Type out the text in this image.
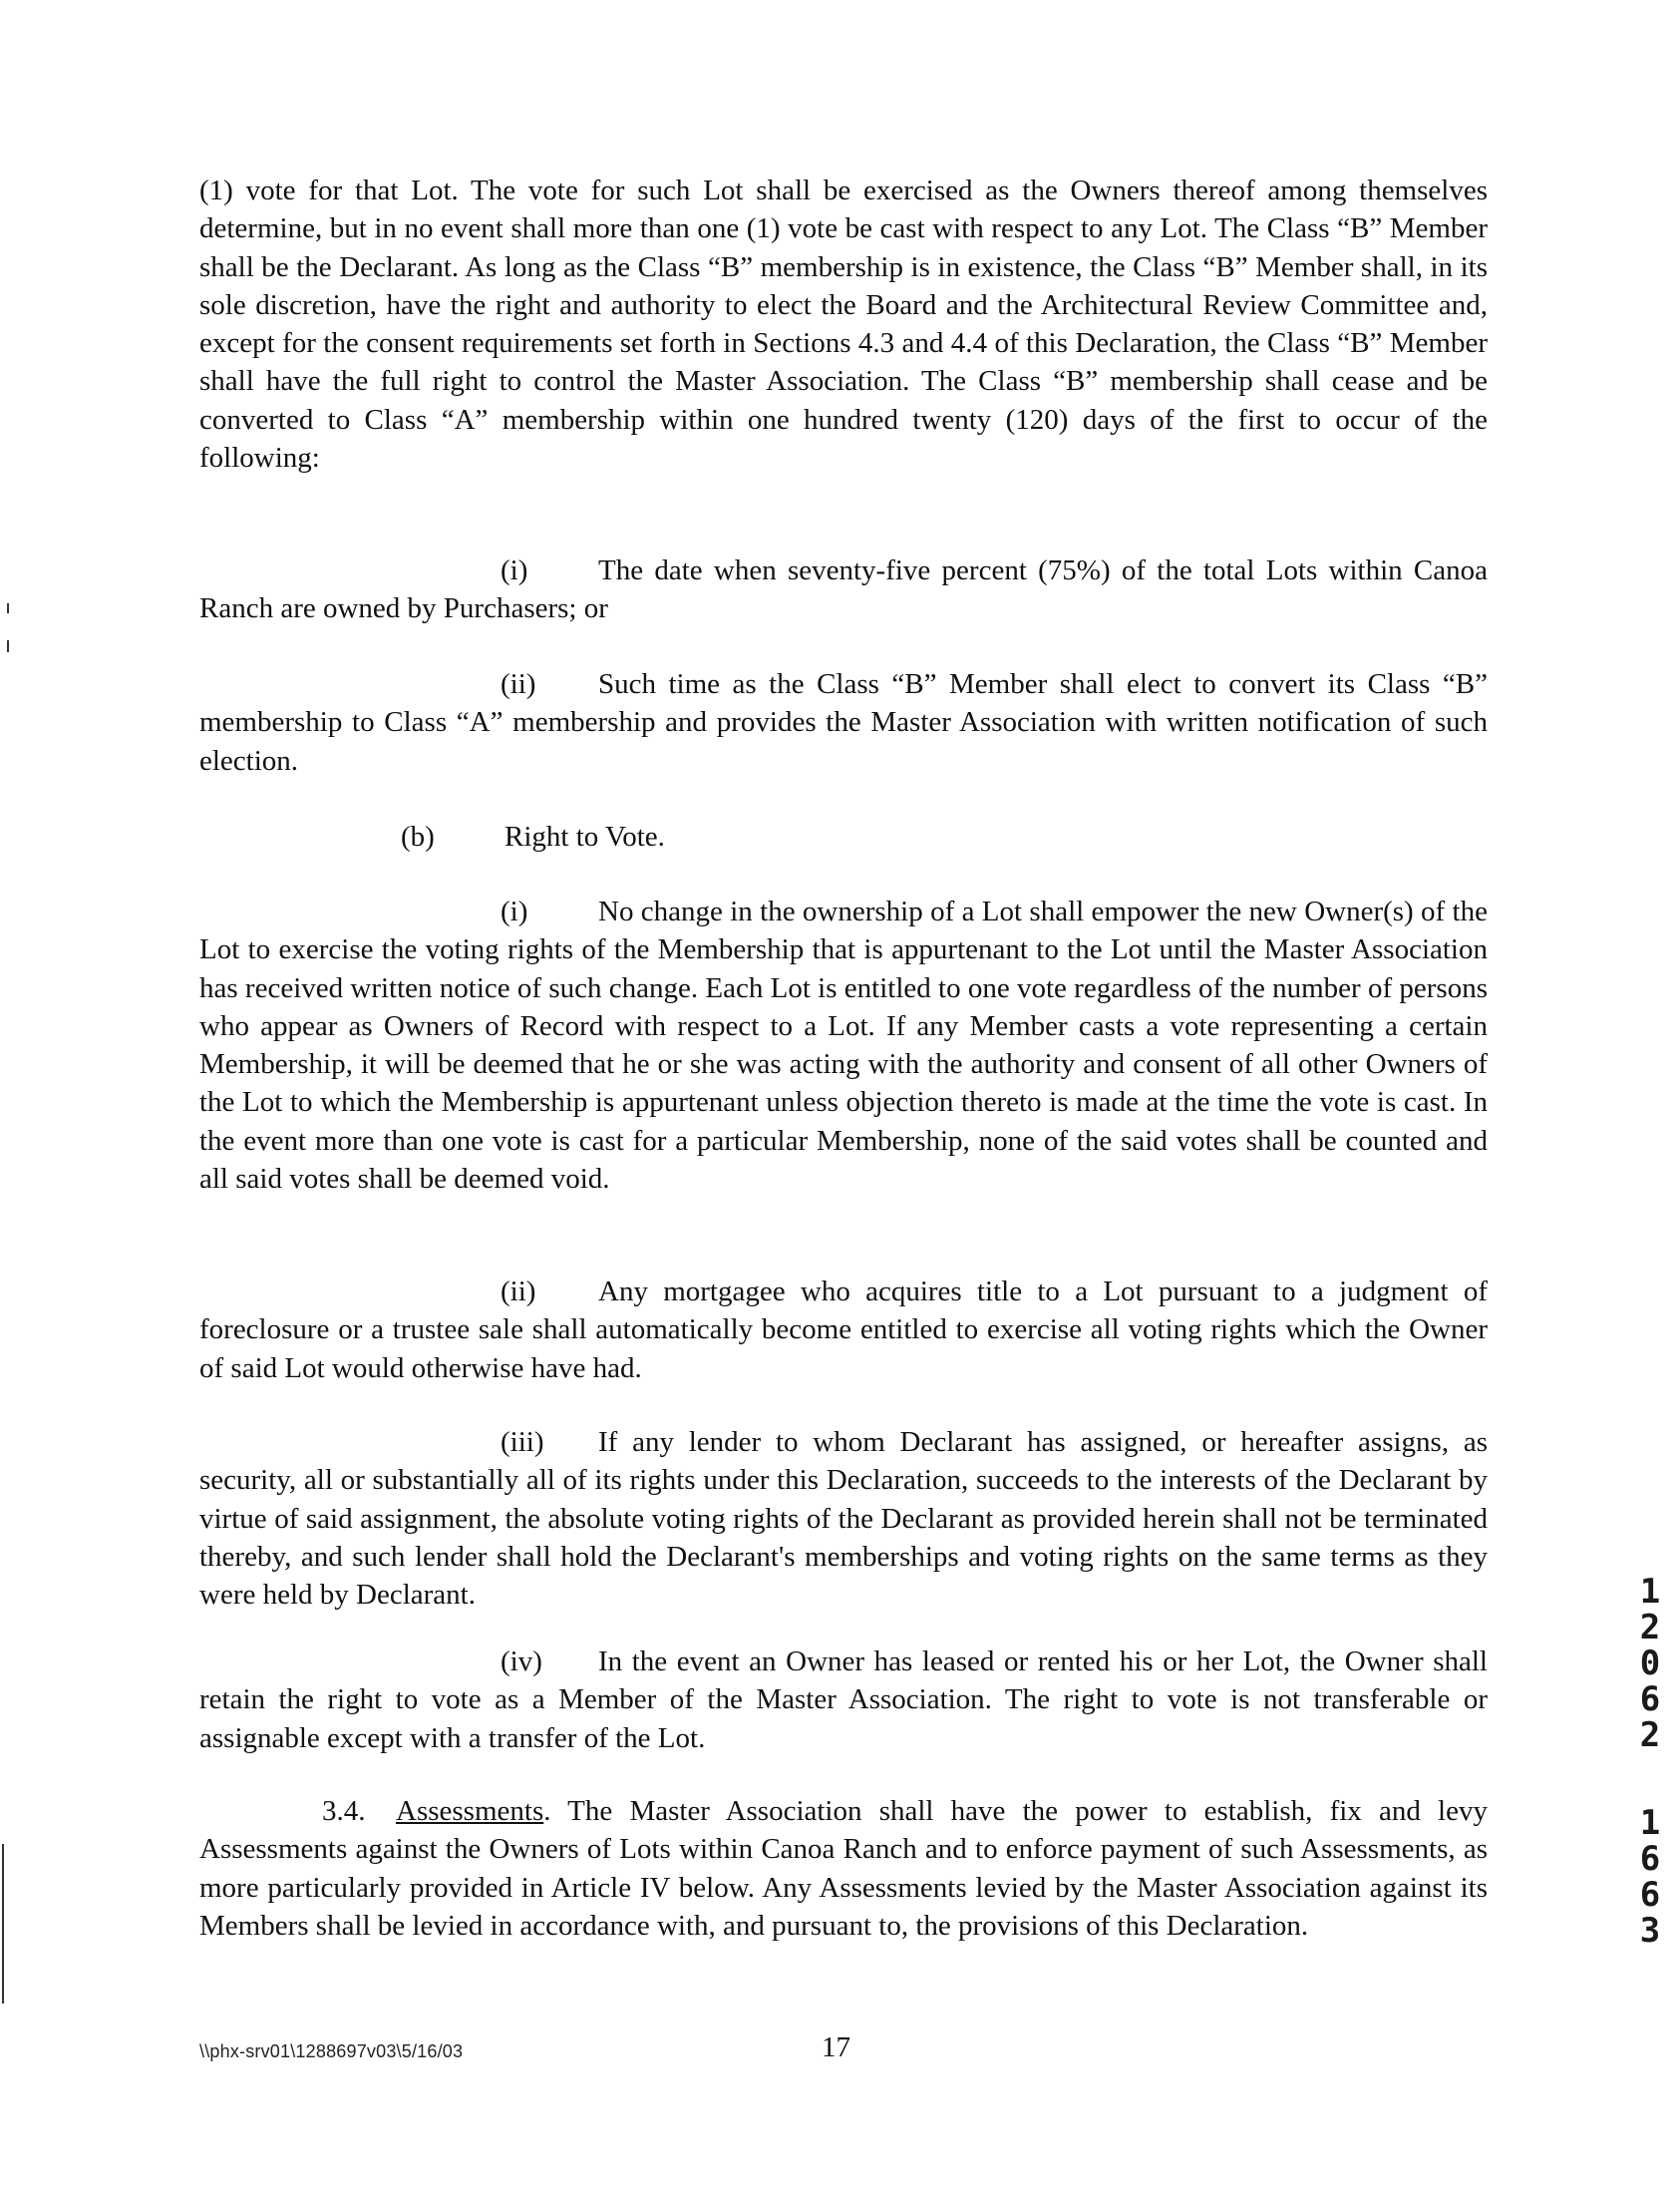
(1) vote for that Lot. The vote for such Lot shall be exercised as the Owners thereof among themselves determine, but in no event shall more than one (1) vote be cast with respect to any Lot. The Class “B” Member shall be the Declarant. As long as the Class “B” membership is in existence, the Class “B” Member shall, in its sole discretion, have the right and authority to elect the Board and the Architectural Review Committee and, except for the consent requirements set forth in Sections 4.3 and 4.4 of this Declaration, the Class “B” Member shall have the full right to control the Master Association. The Class “B” membership shall cease and be converted to Class “A” membership within one hundred twenty (120) days of the first to occur of the following:

(i) The date when seventy-five percent (75%) of the total Lots within Canoa Ranch are owned by Purchasers; or

(ii) Such time as the Class “B” Member shall elect to convert its Class “B” membership to Class “A” membership and provides the Master Association with written notification of such election.

(b) Right to Vote.

(i) No change in the ownership of a Lot shall empower the new Owner(s) of the Lot to exercise the voting rights of the Membership that is appurtenant to the Lot until the Master Association has received written notice of such change. Each Lot is entitled to one vote regardless of the number of persons who appear as Owners of Record with respect to a Lot. If any Member casts a vote representing a certain Membership, it will be deemed that he or she was acting with the authority and consent of all other Owners of the Lot to which the Membership is appurtenant unless objection thereto is made at the time the vote is cast. In the event more than one vote is cast for a particular Membership, none of the said votes shall be counted and all said votes shall be deemed void.

(ii) Any mortgagee who acquires title to a Lot pursuant to a judgment of foreclosure or a trustee sale shall automatically become entitled to exercise all voting rights which the Owner of said Lot would otherwise have had.

(iii) If any lender to whom Declarant has assigned, or hereafter assigns, as security, all or substantially all of its rights under this Declaration, succeeds to the interests of the Declarant by virtue of said assignment, the absolute voting rights of the Declarant as provided herein shall not be terminated thereby, and such lender shall hold the Declarant's memberships and voting rights on the same terms as they were held by Declarant.

(iv) In the event an Owner has leased or rented his or her Lot, the Owner shall retain the right to vote as a Member of the Master Association. The right to vote is not transferable or assignable except with a transfer of the Lot.

3.4. Assessments. The Master Association shall have the power to establish, fix and levy Assessments against the Owners of Lots within Canoa Ranch and to enforce payment of such Assessments, as more particularly provided in Article IV below. Any Assessments levied by the Master Association against its Members shall be levied in accordance with, and pursuant to, the provisions of this Declaration.

\\phx-srv01\1288697v03\5/16/03	17
1
2
0
6
2
1
6
6
3
